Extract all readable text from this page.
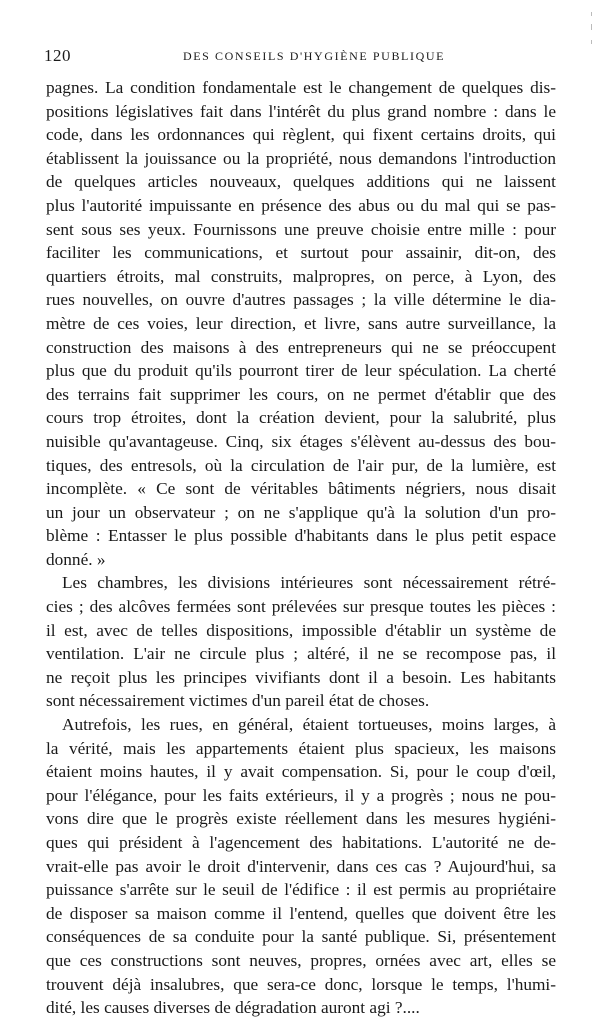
120	DES CONSEILS D'HYGIÈNE PUBLIQUE

pagnes. La condition fondamentale est le changement de quelques dis-
positions législatives fait dans l'intérêt du plus grand nombre : dans le
code, dans les ordonnances qui règlent, qui fixent certains droits, qui
établissent la jouissance ou la propriété, nous demandons l'introduction
de quelques articles nouveaux, quelques additions qui ne laissent
plus l'autorité impuissante en présence des abus ou du mal qui se pas-
sent sous ses yeux. Fournissons une preuve choisie entre mille : pour
faciliter les communications, et surtout pour assainir, dit-on, des
quartiers étroits, mal construits, malpropres, on perce, à Lyon, des
rues nouvelles, on ouvre d'autres passages ; la ville détermine le dia-
mètre de ces voies, leur direction, et livre, sans autre surveillance, la
construction des maisons à des entrepreneurs qui ne se préoccupent
plus que du produit qu'ils pourront tirer de leur spéculation. La cherté
des terrains fait supprimer les cours, on ne permet d'établir que des
cours trop étroites, dont la création devient, pour la salubrité, plus
nuisible qu'avantageuse. Cinq, six étages s'élèvent au-dessus des bou-
tiques, des entresols, où la circulation de l'air pur, de la lumière, est
incomplète. « Ce sont de véritables bâtiments négriers, nous disait
un jour un observateur ; on ne s'applique qu'à la solution d'un pro-
blème : Entasser le plus possible d'habitants dans le plus petit espace
donné. »

Les chambres, les divisions intérieures sont nécessairement rétré-
cies ; des alcôves fermées sont prélevées sur presque toutes les pièces :
il est, avec de telles dispositions, impossible d'établir un système de
ventilation. L'air ne circule plus ; altéré, il ne se recompose pas, il
ne reçoit plus les principes vivifiants dont il a besoin. Les habitants
sont nécessairement victimes d'un pareil état de choses.

Autrefois, les rues, en général, étaient tortueuses, moins larges, à
la vérité, mais les appartements étaient plus spacieux, les maisons
étaient moins hautes, il y avait compensation. Si, pour le coup d'œil,
pour l'élégance, pour les faits extérieurs, il y a progrès ; nous ne pou-
vons dire que le progrès existe réellement dans les mesures hygiéni-
ques qui président à l'agencement des habitations. L'autorité ne de-
vrait-elle pas avoir le droit d'intervenir, dans ces cas ? Aujourd'hui, sa
puissance s'arrête sur le seuil de l'édifice : il est permis au propriétaire
de disposer sa maison comme il l'entend, quelles que doivent être les
conséquences de sa conduite pour la santé publique. Si, présentement
que ces constructions sont neuves, propres, ornées avec art, elles se
trouvent déjà insalubres, que sera-ce donc, lorsque le temps, l'humi-
dité, les causes diverses de dégradation auront agi ?....
